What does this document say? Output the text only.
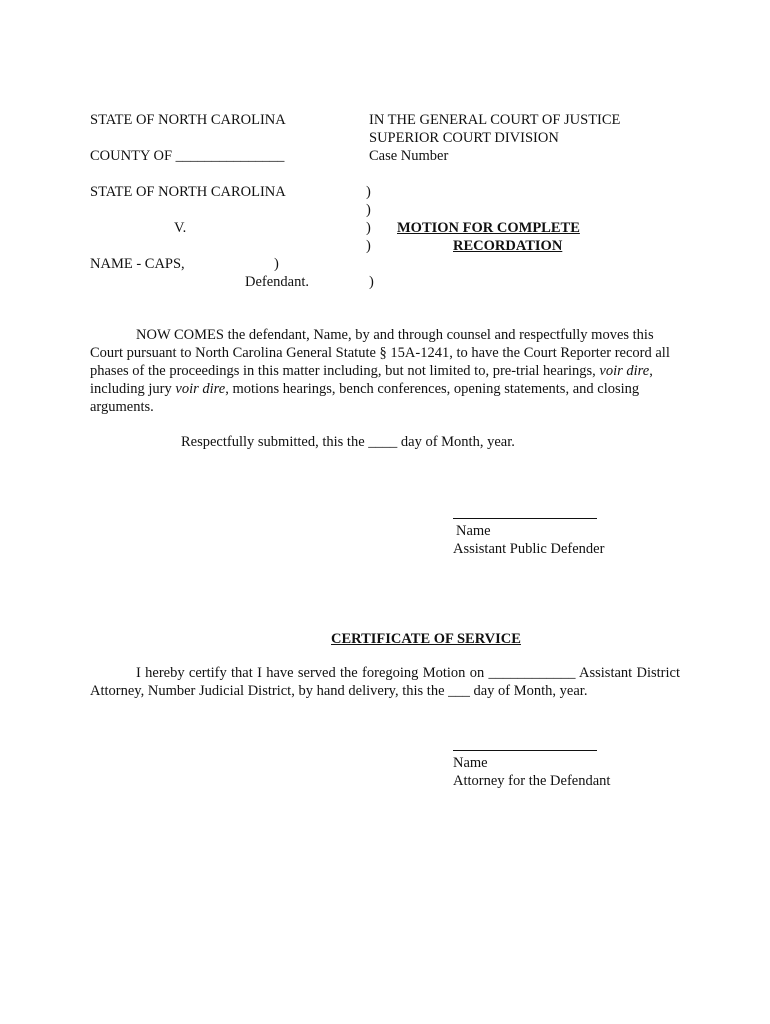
STATE OF NORTH CAROLINA
COUNTY OF _______________
IN THE GENERAL COURT OF JUSTICE
SUPERIOR COURT DIVISION
Case Number
STATE OF NORTH CAROLINA
V.
NAME - CAPS,	)
Defendant.
)
)
)
)
)
MOTION FOR COMPLETE
RECORDATION
NOW COMES the defendant, Name, by and through counsel and respectfully moves this Court pursuant to North Carolina General Statute § 15A-1241, to have the Court Reporter record all phases of the proceedings in this matter including, but not limited to, pre-trial hearings, voir dire, including jury voir dire, motions hearings, bench conferences, opening statements, and closing arguments.
Respectfully submitted, this the ____ day of Month, year.
Name
Assistant Public Defender
CERTIFICATE OF SERVICE
I hereby certify that I have served the foregoing Motion on ____________ Assistant District Attorney, Number Judicial District, by hand delivery, this the ___ day of Month, year.
Name
Attorney for the Defendant
